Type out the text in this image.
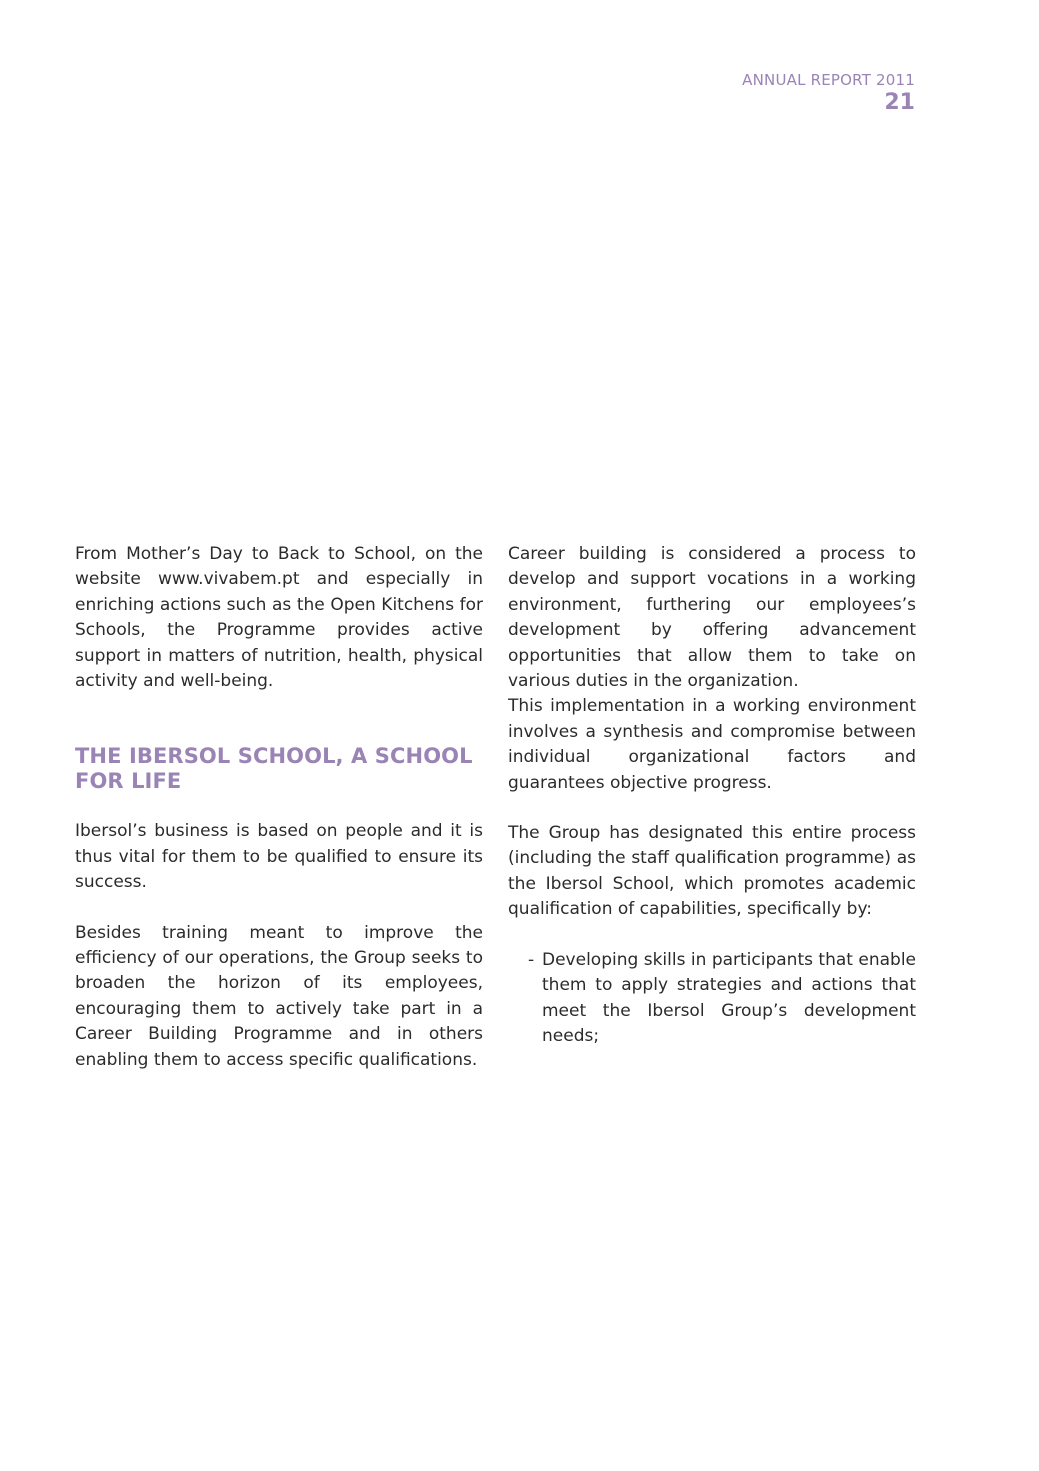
ANNUAL REPORT 2011
21

From Mother’s Day to Back to School, on the website www.vivabem.pt and especially in enriching actions such as the Open Kitchens for Schools, the Programme provides active support in matters of nutrition, health, physical activity and well-being.

THE IBERSOL SCHOOL, A SCHOOL FOR LIFE

Ibersol’s business is based on people and it is thus vital for them to be qualified to ensure its success.

Besides training meant to improve the efficiency of our operations, the Group seeks to broaden the horizon of its employees, encouraging them to actively take part in a Career Building Programme and in others enabling them to access specific qualifications.

Career building is considered a process to develop and support vocations in a working environment, furthering our employees’s development by offering advancement opportunities that allow them to take on various duties in the organization.

This implementation in a working environment involves a synthesis and compromise between individual organizational factors and guarantees objective progress.

The Group has designated this entire process (including the staff qualification programme) as the Ibersol School, which promotes academic qualification of capabilities, specifically by:

- Developing skills in participants that enable them to apply strategies and actions that meet the Ibersol Group’s development needs;
